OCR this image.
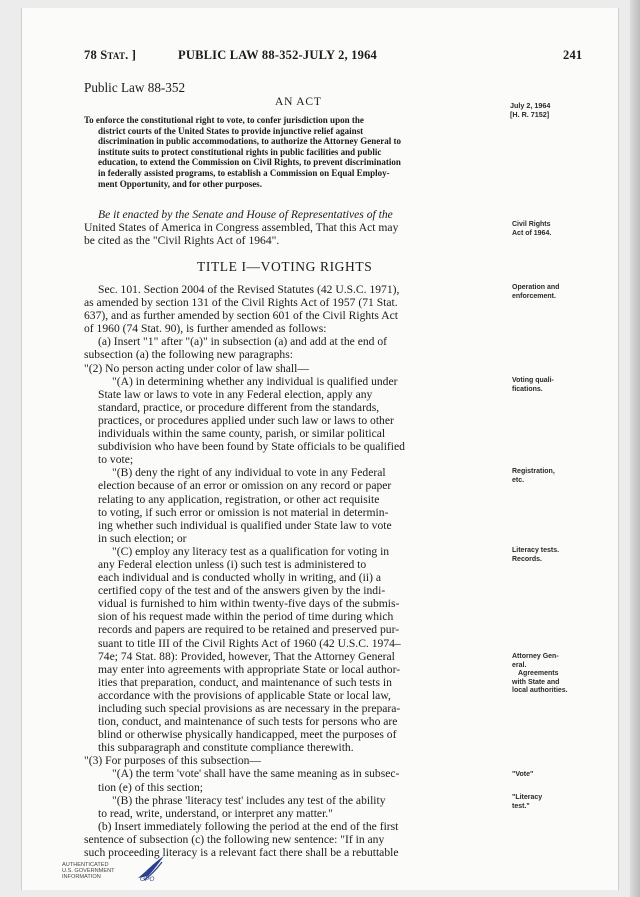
78 Stat. ]	PUBLIC LAW 88-352-JULY 2, 1964	241
Public Law 88-352
AN ACT	July 2, 1964
[H. R. 7152]
To enforce the constitutional right to vote, to confer jurisdiction upon the
district courts of the United States to provide injunctive relief against
discrimination in public accommodations, to authorize the Attorney General to
institute suits to protect constitutional rights in public facilities and public
education, to extend the Commission on Civil Rights, to prevent discrimination
in federally assisted programs, to establish a Commission on Equal Employ-
ment Opportunity, and for other purposes.
Be it enacted by the Senate and House of Representatives of the
United States of America in Congress assembled, That this Act may
be cited as the "Civil Rights Act of 1964".
TITLE I—VOTING RIGHTS
Sec. 101. Section 2004 of the Revised Statutes (42 U.S.C. 1971),
as amended by section 131 of the Civil Rights Act of 1957 (71 Stat.
637), and as further amended by section 601 of the Civil Rights Act
of 1960 (74 Stat. 90), is further amended as follows:
(a) Insert "1" after "(a)" in subsection (a) and add at the end of
subsection (a) the following new paragraphs:
"(2) No person acting under color of law shall—
"(A) in determining whether any individual is qualified under
State law or laws to vote in any Federal election, apply any
standard, practice, or procedure different from the standards,
practices, or procedures applied under such law or laws to other
individuals within the same county, parish, or similar political
subdivision who have been found by State officials to be qualified
to vote;
"(B) deny the right of any individual to vote in any Federal
election because of an error or omission on any record or paper
relating to any application, registration, or other act requisite
to voting, if such error or omission is not material in determin-
ing whether such individual is qualified under State law to vote
in such election; or
"(C) employ any literacy test as a qualification for voting in
any Federal election unless (i) such test is administered to
each individual and is conducted wholly in writing, and (ii) a
certified copy of the test and of the answers given by the indi-
vidual is furnished to him within twenty-five days of the submis-
sion of his request made within the period of time during which
records and papers are required to be retained and preserved pur-
suant to title III of the Civil Rights Act of 1960 (42 U.S.C. 1974–
74e; 74 Stat. 88): Provided, however, That the Attorney General
may enter into agreements with appropriate State or local author-
ities that preparation, conduct, and maintenance of such tests in
accordance with the provisions of applicable State or local law,
including such special provisions as are necessary in the prepara-
tion, conduct, and maintenance of such tests for persons who are
blind or otherwise physically handicapped, meet the purposes of
this subparagraph and constitute compliance therewith.
"(3) For purposes of this subsection—
"(A) the term 'vote' shall have the same meaning as in subsec-
tion (e) of this section;
"(B) the phrase 'literacy test' includes any test of the ability
to read, write, understand, or interpret any matter."
(b) Insert immediately following the period at the end of the first
sentence of subsection (c) the following new sentence: "If in any
such proceeding literacy is a relevant fact there shall be a rebuttable
Civil Rights
Act of 1964.
Operation and
enforcement.
Voting quali-
fications.
Registration,
etc.
Literacy tests.
Records.
Attorney Gen-
eral.
Agreements
with State and
local authorities.
"Vote"
"Literacy
test."
AUTHENTICATED
U.S. GOVERNMENT
INFORMATION	GPO
